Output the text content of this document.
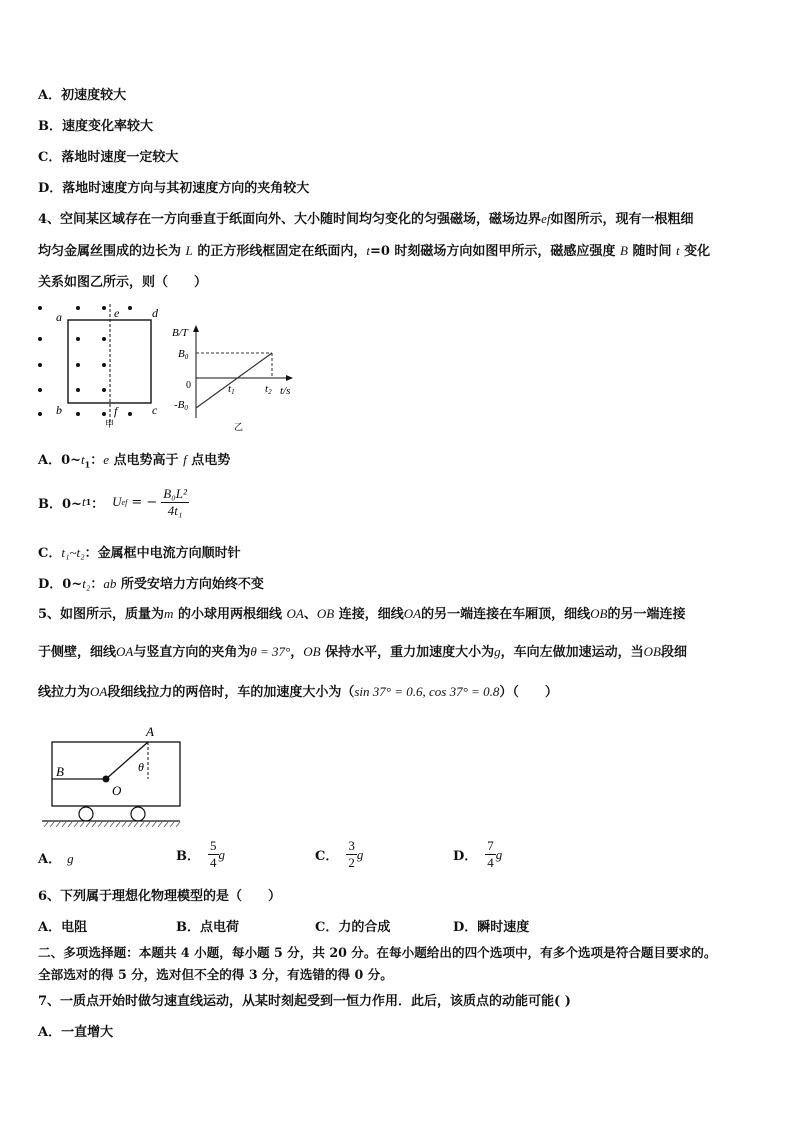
A．初速度较大
B．速度变化率较大
C．落地时速度一定较大
D．落地时速度方向与其初速度方向的夹角较大
4、空间某区域存在一方向垂直于纸面向外、大小随时间均匀变化的匀强磁场，磁场边界ef如图所示，现有一根粗细
均匀金属丝围成的边长为 L 的正方形线框固定在纸面内，t=0 时刻磁场方向如图甲所示，磁感应强度 B 随时间 t 变化
关系如图乙所示，则（　　）
a	e	d
b	f	c
甲
B/T
B0
0
-B0
t1	t2 t/s
乙
A．$0\sim t_1$：e 点电势高于 f 点电势
B．0~ t 1 ： U ef = − $\frac{\text{B₀L²}}{\text{4t₁}}$
C．t₁~t₂：金属框中电流方向顺时针
D．0~t₂：ab 所受安培力方向始终不变
5、如图所示，质量为m 的小球用两根细线 OA、OB 连接，细线OA的另一端连接在车厢顶，细线OB的另一端连接
于侧壁，细线OA与竖直方向的夹角为θ = 37°，OB 保持水平，重力加速度大小为g，车向左做加速运动，当OB段细
线拉力为OA段细线拉力的两倍时，车的加速度大小为（sin 37° = 0.6, cos 37° = 0.8）（　　）
A
B	θ
O
A． g	B． $\frac{5}{4}$ g	C． $\frac{3}{2}$ g	D． $\frac{7}{4}$ g
6、下列属于理想化物理模型的是（　　）
A．电阻	B．点电荷	C．力的合成	D．瞬时速度
二、多项选择题：本题共 4 小题，每小题 5 分，共 20 分。在每小题给出的四个选项中，有多个选项是符合题目要求的。
全部选对的得 5 分，选对但不全的得 3 分，有选错的得 0 分。
7、一质点开始时做匀速直线运动，从某时刻起受到一恒力作用．此后，该质点的动能可能( )
A．一直增大
